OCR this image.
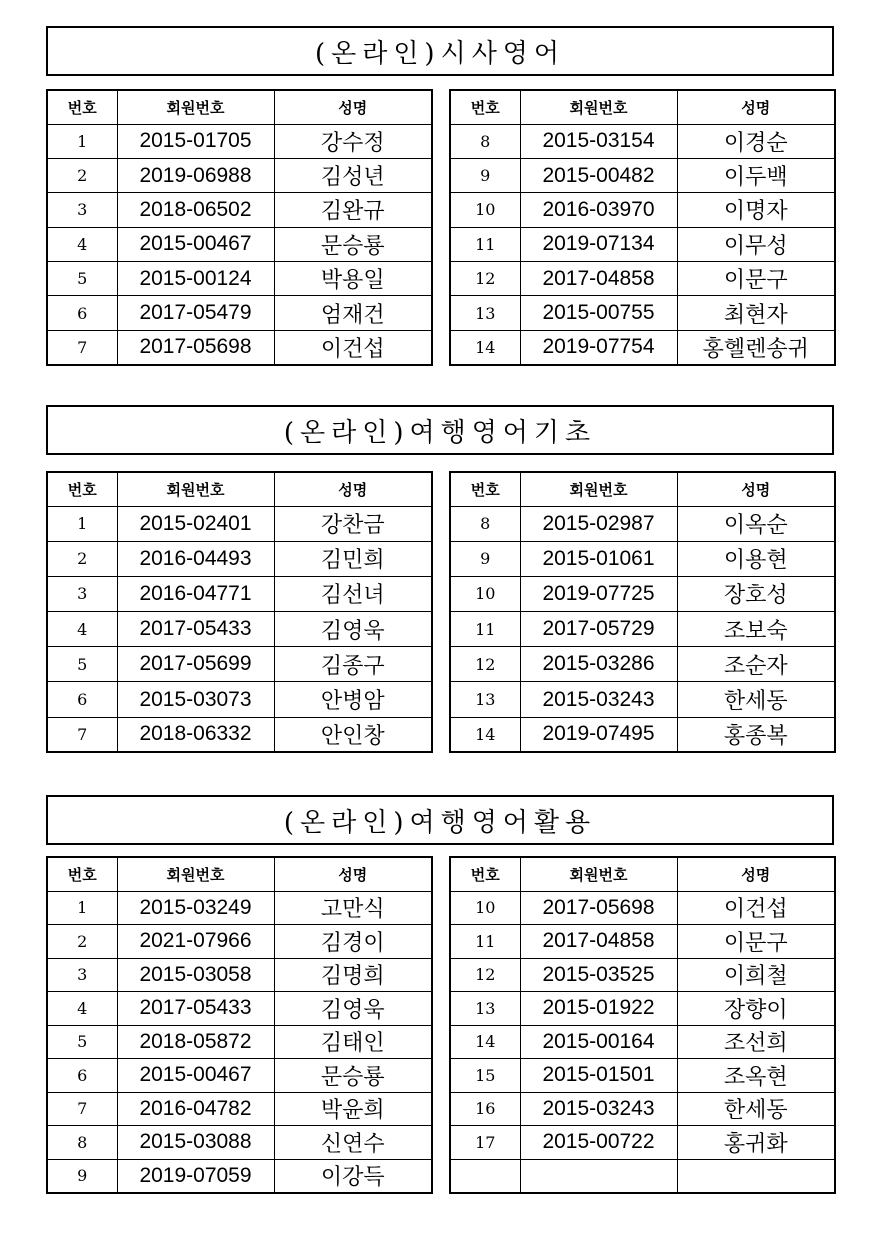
(온라인)시사영어
번호	회원번호	성명
1	2015-01705	강수정
2	2019-06988	김성년
3	2018-06502	김완규
4	2015-00467	문승룡
5	2015-00124	박용일
6	2017-05479	엄재건
7	2017-05698	이건섭
번호	회원번호	성명
8	2015-03154	이경순
9	2015-00482	이두백
10	2016-03970	이명자
11	2019-07134	이무성
12	2017-04858	이문구
13	2015-00755	최현자
14	2019-07754	홍헬렌송귀
(온라인)여행영어기초
번호	회원번호	성명
1	2015-02401	강찬금
2	2016-04493	김민희
3	2016-04771	김선녀
4	2017-05433	김영욱
5	2017-05699	김종구
6	2015-03073	안병암
7	2018-06332	안인창
번호	회원번호	성명
8	2015-02987	이옥순
9	2015-01061	이용현
10	2019-07725	장호성
11	2017-05729	조보숙
12	2015-03286	조순자
13	2015-03243	한세동
14	2019-07495	홍종복
(온라인)여행영어활용
번호	회원번호	성명
1	2015-03249	고만식
2	2021-07966	김경이
3	2015-03058	김명희
4	2017-05433	김영욱
5	2018-05872	김태인
6	2015-00467	문승룡
7	2016-04782	박윤희
8	2015-03088	신연수
9	2019-07059	이강득
번호	회원번호	성명
10	2017-05698	이건섭
11	2017-04858	이문구
12	2015-03525	이희철
13	2015-01922	장향이
14	2015-00164	조선희
15	2015-01501	조옥현
16	2015-03243	한세동
17	2015-00722	홍귀화
